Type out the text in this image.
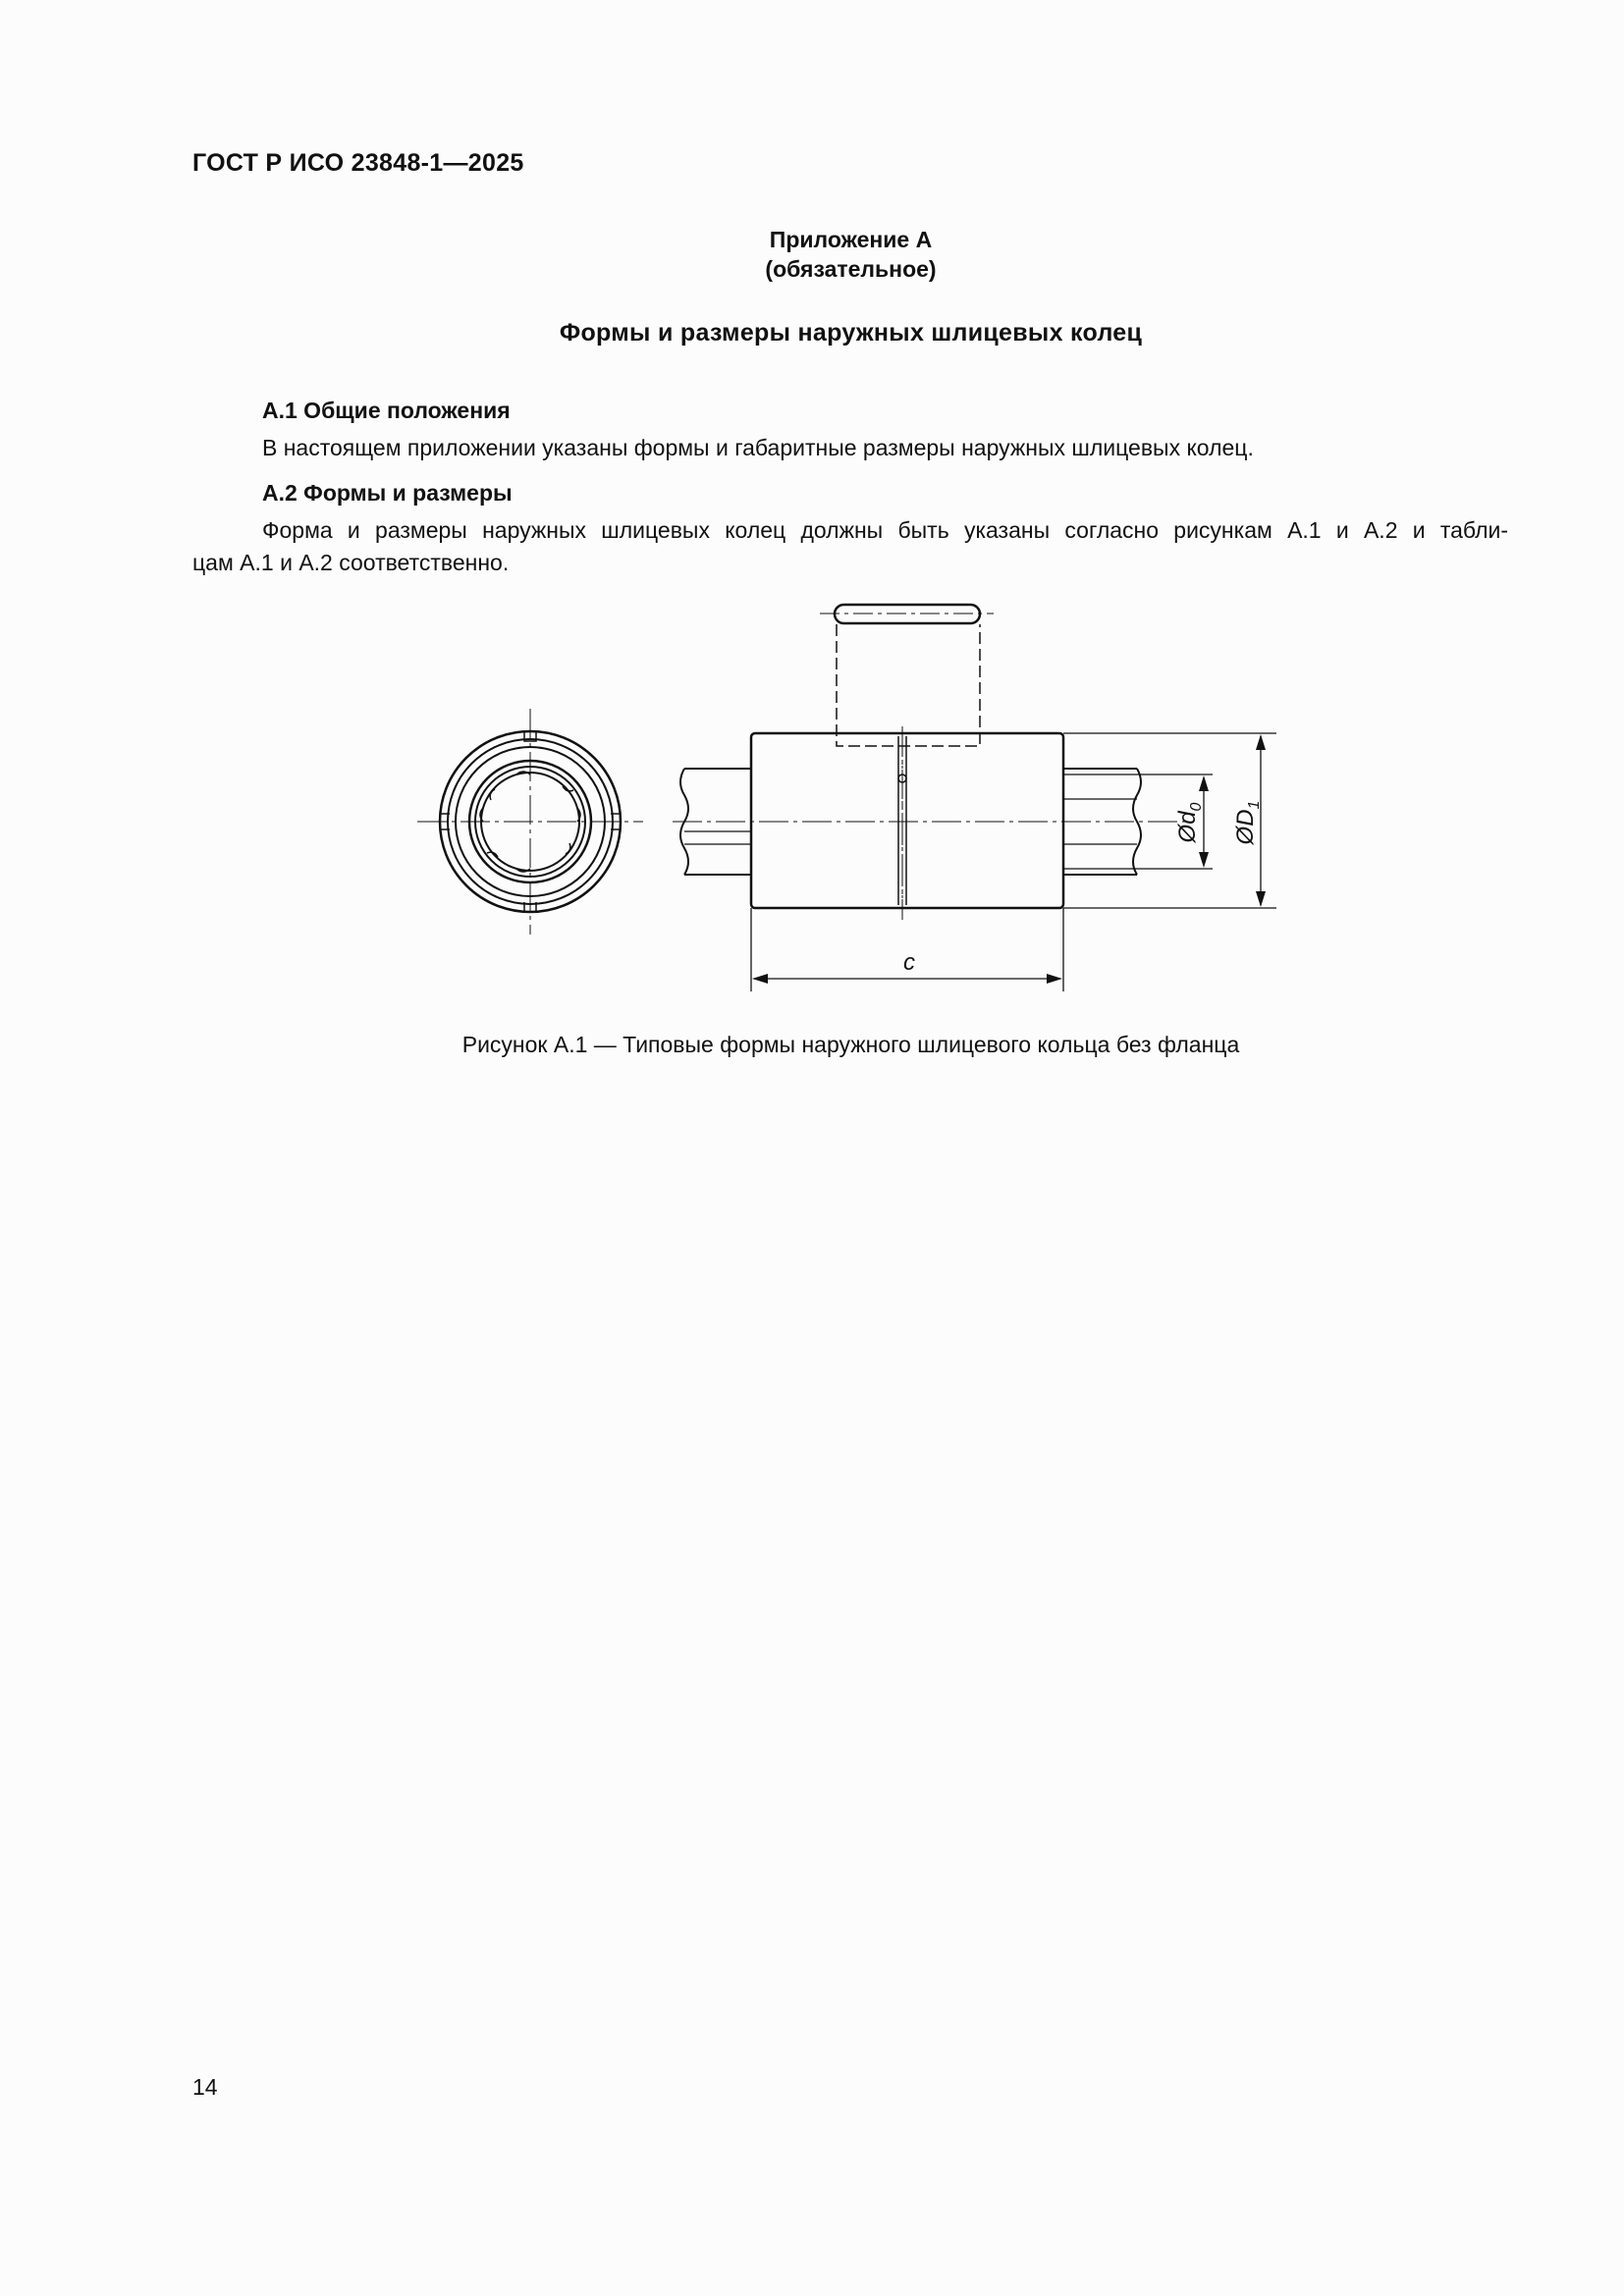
ГОСТ Р ИСО 23848-1—2025
Приложение А
(обязательное)
Формы и размеры наружных шлицевых колец
А.1 Общие положения
В настоящем приложении указаны формы и габаритные размеры наружных шлицевых колец.
А.2 Формы и размеры
Форма и размеры наружных шлицевых колец должны быть указаны согласно рисункам А.1 и А.2 и табли-
цам А.1 и А.2 соответственно.
c
$Ød_0$
$ØD_1$
Рисунок А.1 — Типовые формы наружного шлицевого кольца без фланца
14
